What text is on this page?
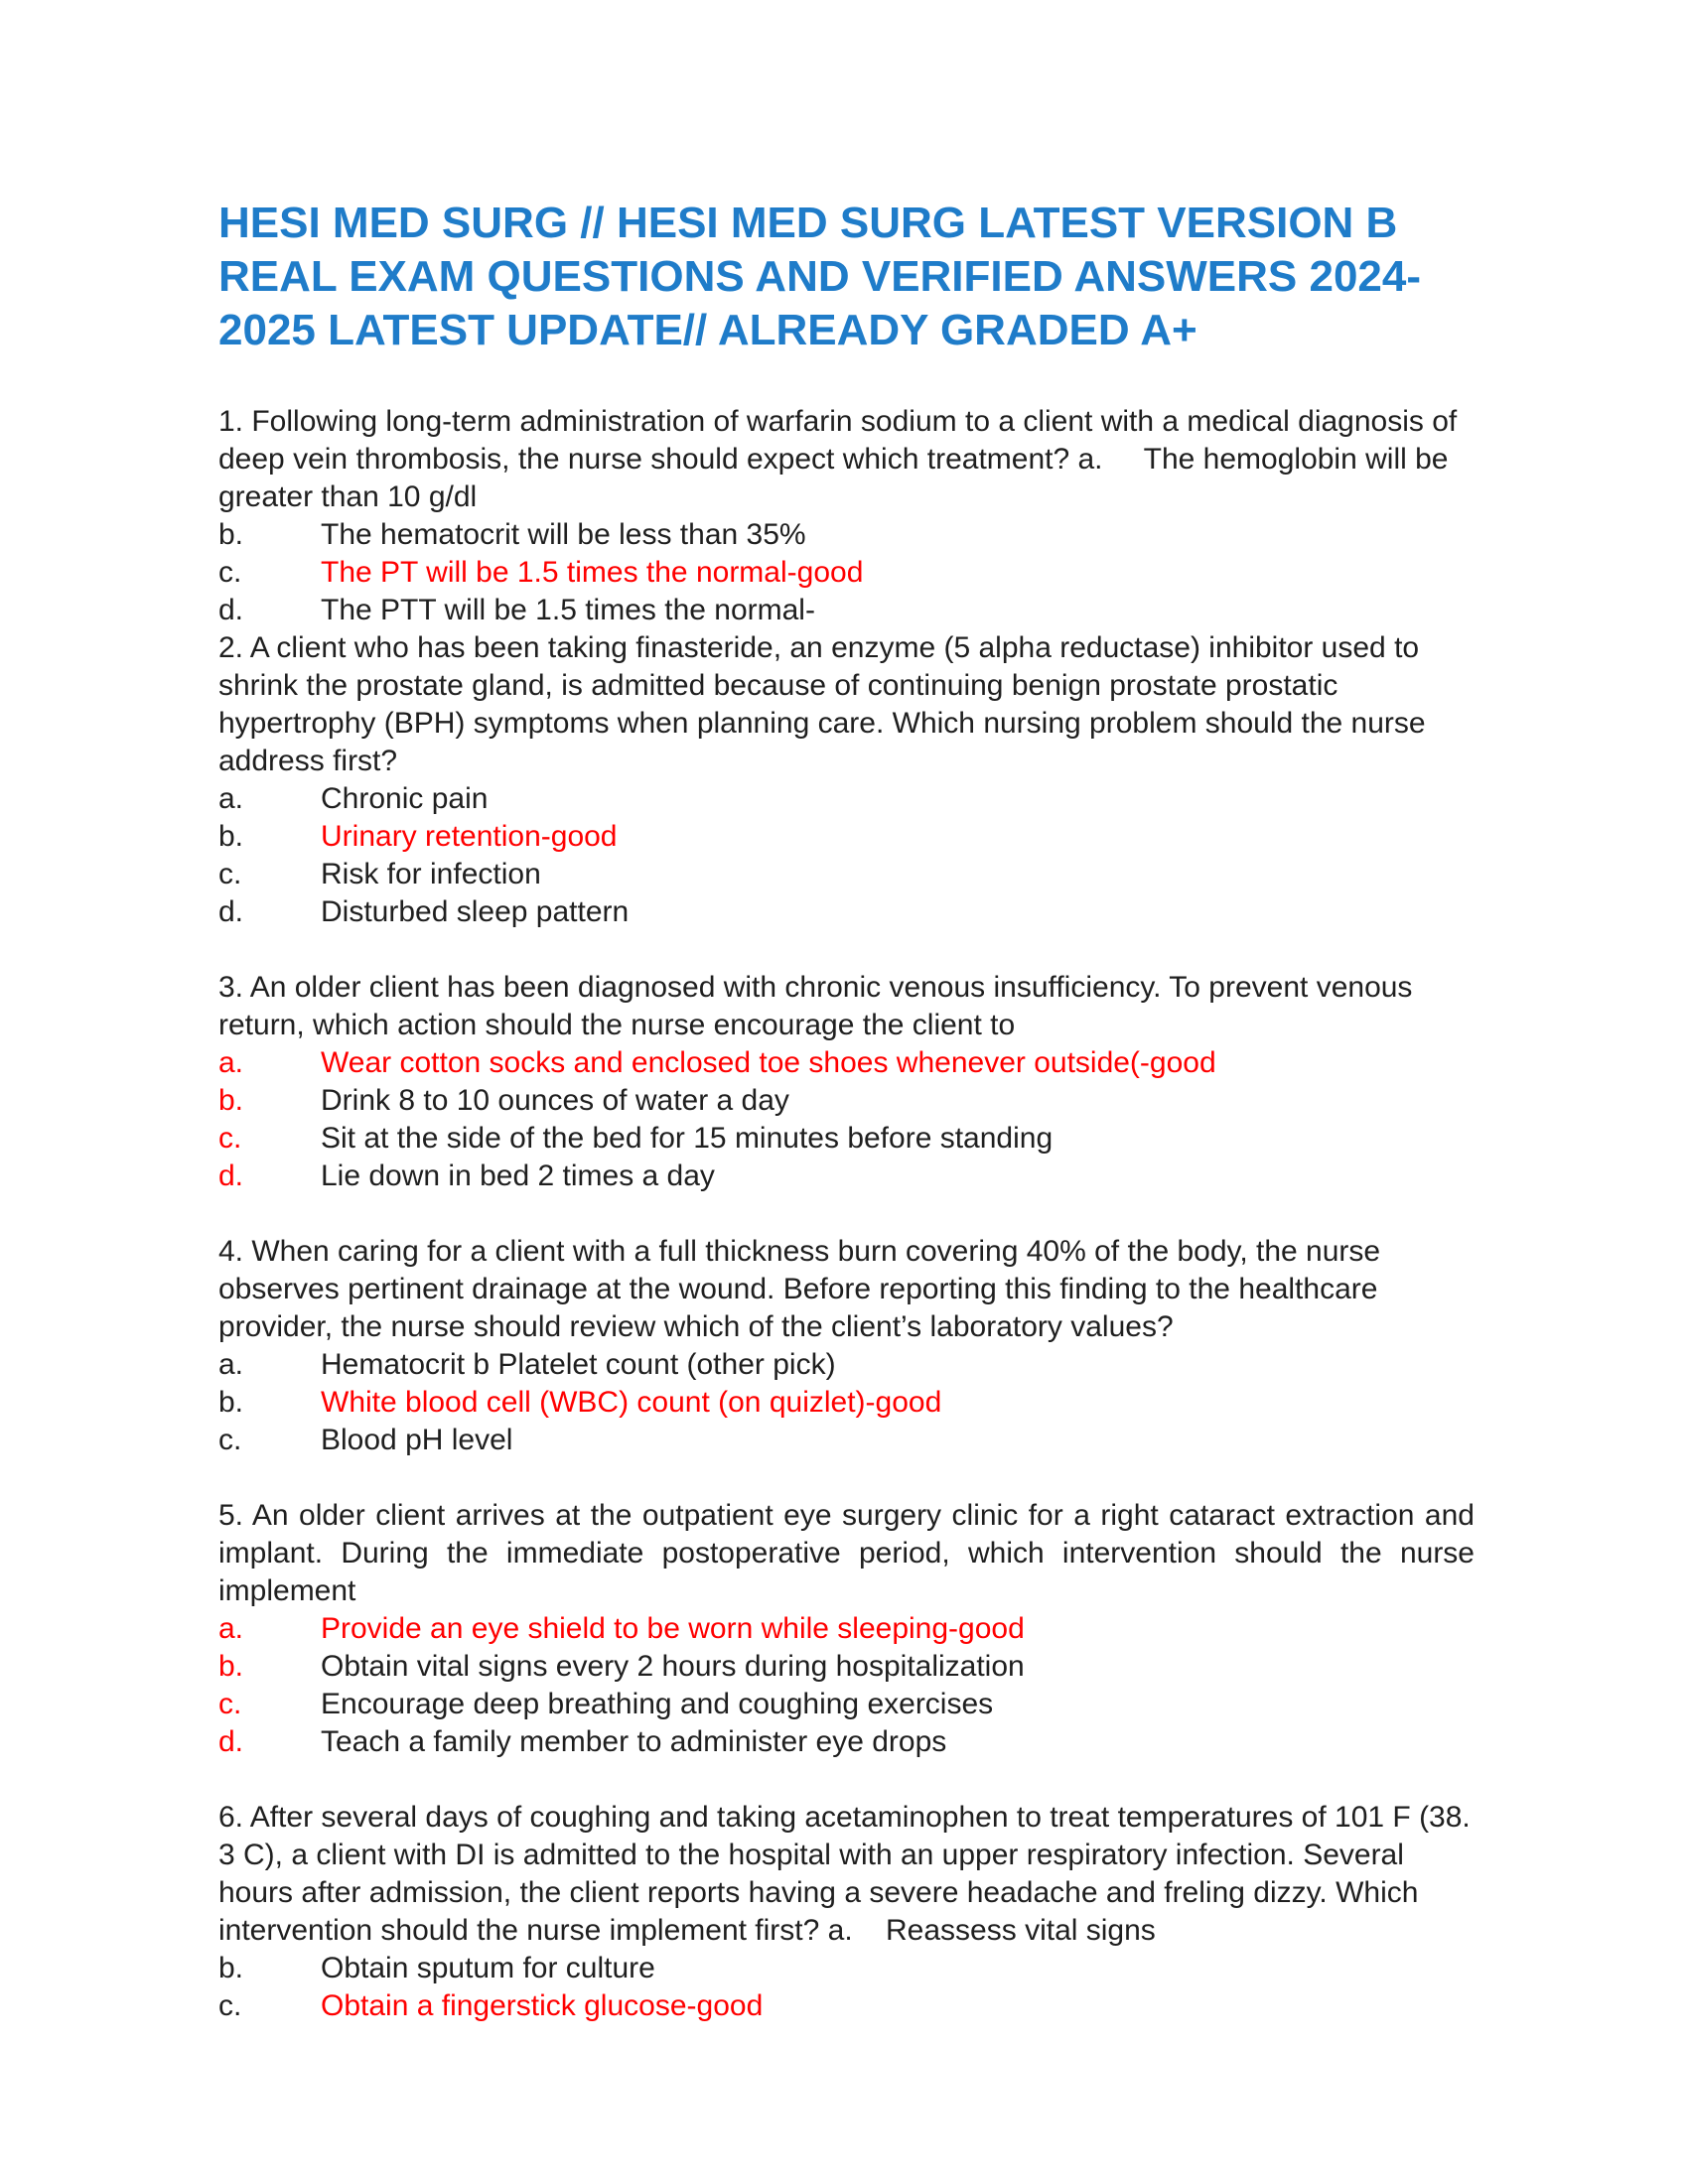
HESI MED SURG // HESI MED SURG LATEST VERSION B REAL EXAM QUESTIONS AND VERIFIED ANSWERS 2024-2025 LATEST UPDATE// ALREADY GRADED A+

1. Following long-term administration of warfarin sodium to a client with a medical diagnosis of deep vein thrombosis, the nurse should expect which treatment? a.     The hemoglobin will be greater than 10 g/dl

b.	The hematocrit will be less than 35%
c.	The PT will be 1.5 times the normal-good
d.	The PTT will be 1.5 times the normal-

2. A client who has been taking finasteride, an enzyme (5 alpha reductase) inhibitor used to shrink the prostate gland, is admitted because of continuing benign prostate prostatic hypertrophy (BPH) symptoms when planning care. Which nursing problem should the nurse address first?

a.	Chronic pain
b.	Urinary retention-good
c.	Risk for infection
d.	Disturbed sleep pattern

3. An older client has been diagnosed with chronic venous insufficiency. To prevent venous return, which action should the nurse encourage the client to

a.	Wear cotton socks and enclosed toe shoes whenever outside(-good
b.	Drink 8 to 10 ounces of water a day
c.	Sit at the side of the bed for 15 minutes before standing
d.	Lie down in bed 2 times a day

4. When caring for a client with a full thickness burn covering 40% of the body, the nurse observes pertinent drainage at the wound. Before reporting this finding to the healthcare provider, the nurse should review which of the client’s laboratory values?

a.	Hematocrit b Platelet count (other pick)
b.	White blood cell (WBC) count (on quizlet)-good
c.	Blood pH level

5. An older client arrives at the outpatient eye surgery clinic for a right cataract extraction and implant. During the immediate postoperative period, which intervention should the nurse implement

a.	Provide an eye shield to be worn while sleeping-good
b.	Obtain vital signs every 2 hours during hospitalization
c.	Encourage deep breathing and coughing exercises
d.	Teach a family member to administer eye drops

6. After several days of coughing and taking acetaminophen to treat temperatures of 101 F (38. 3 C), a client with DI is admitted to the hospital with an upper respiratory infection. Several hours after admission, the client reports having a severe headache and freling dizzy. Which intervention should the nurse implement first? a.    Reassess vital signs

b.	Obtain sputum for culture
c.	Obtain a fingerstick glucose-good
